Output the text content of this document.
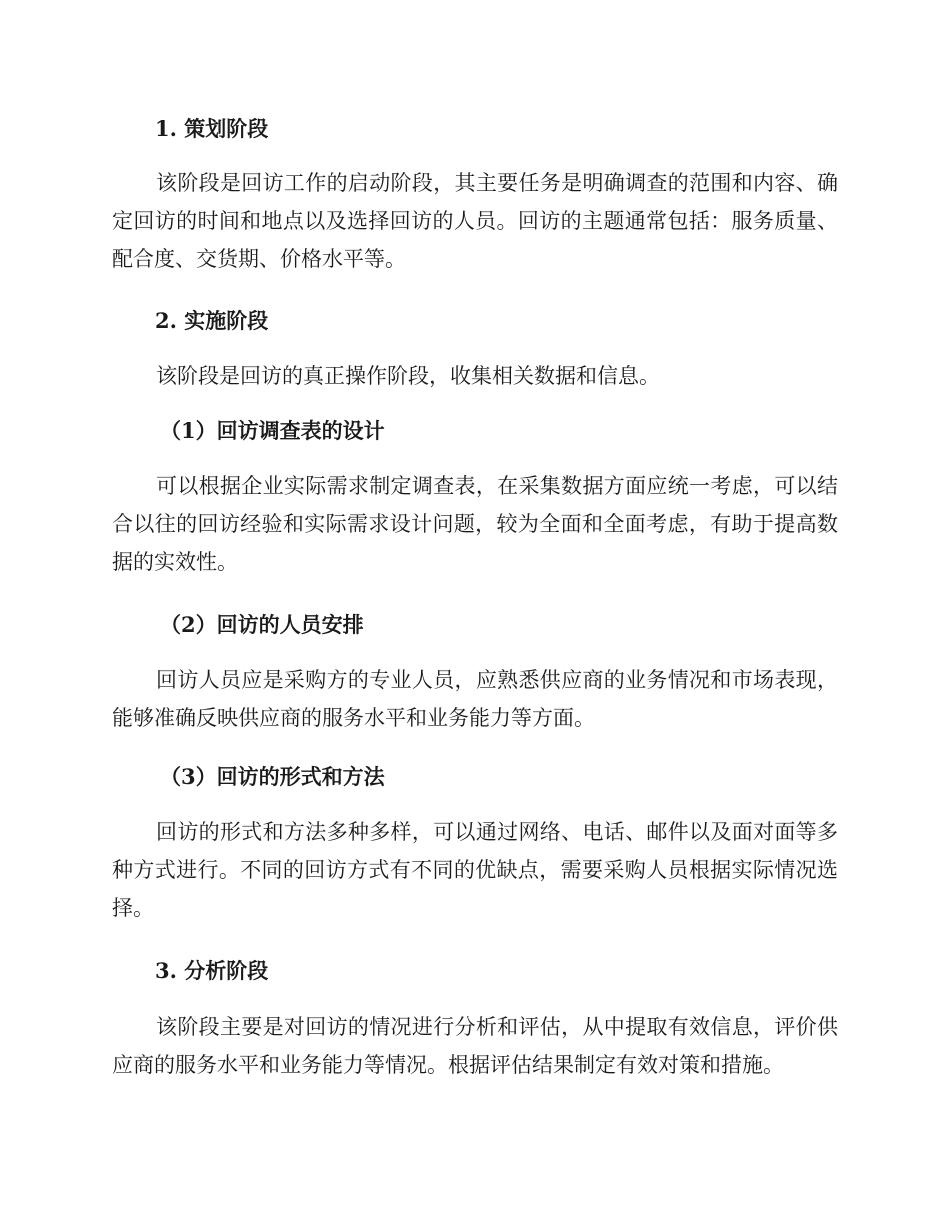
1. 策划阶段
该阶段是回访工作的启动阶段，其主要任务是明确调查的范围和内容、确定回访的时间和地点以及选择回访的人员。回访的主题通常包括：服务质量、配合度、交货期、价格水平等。
2. 实施阶段
该阶段是回访的真正操作阶段，收集相关数据和信息。
（1）回访调查表的设计
可以根据企业实际需求制定调查表，在采集数据方面应统一考虑，可以结合以往的回访经验和实际需求设计问题，较为全面和全面考虑，有助于提高数据的实效性。
（2）回访的人员安排
回访人员应是采购方的专业人员，应熟悉供应商的业务情况和市场表现，能够准确反映供应商的服务水平和业务能力等方面。
（3）回访的形式和方法
回访的形式和方法多种多样，可以通过网络、电话、邮件以及面对面等多种方式进行。不同的回访方式有不同的优缺点，需要采购人员根据实际情况选择。
3. 分析阶段
该阶段主要是对回访的情况进行分析和评估，从中提取有效信息，评价供应商的服务水平和业务能力等情况。根据评估结果制定有效对策和措施。
